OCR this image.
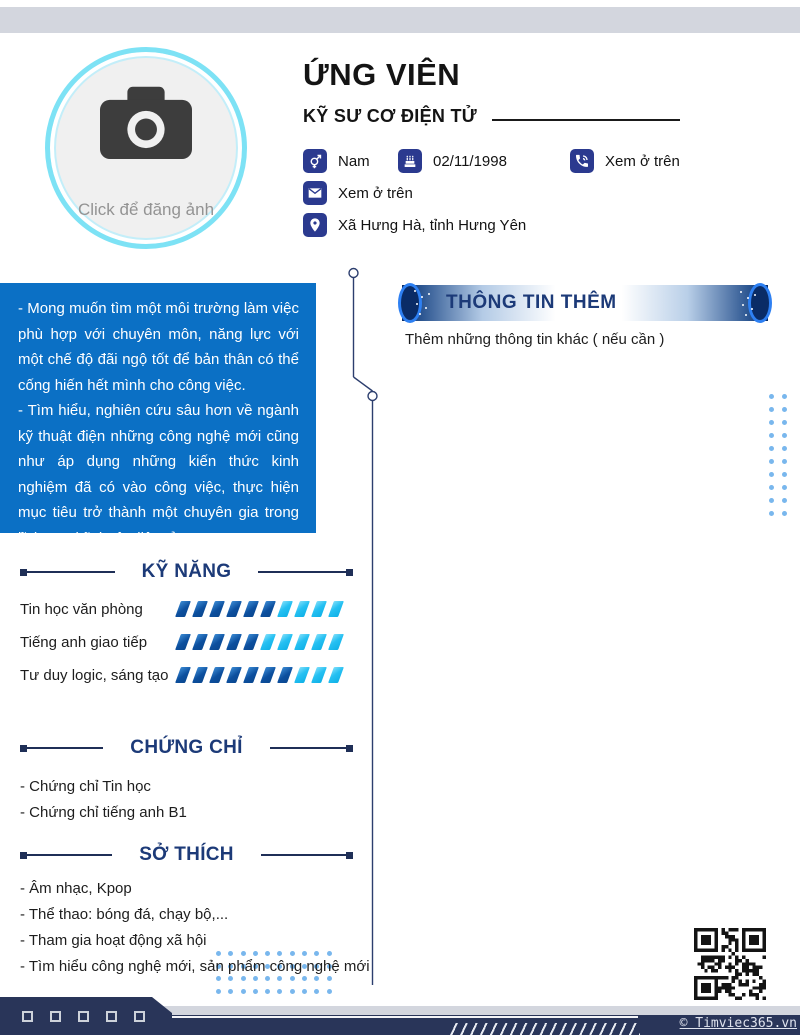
Click để đăng ảnh
ỨNG VIÊN
KỸ SƯ CƠ ĐIỆN TỬ
Nam	02/11/1998	Xem ở trên
Xem ở trên
Xã Hưng Hà, tỉnh Hưng Yên
- Mong muốn tìm một môi trường làm việc phù hợp với chuyên môn, năng lực với một chế độ đãi ngộ tốt để bản thân có thể cống hiến hết mình cho công việc.
- Tìm hiểu, nghiên cứu sâu hơn về ngành kỹ thuật điện những công nghệ mới cũng như áp dụng những kiến thức kinh nghiệm đã có vào công việc, thực hiện mục tiêu trở thành một chuyên gia trong lĩnh vực kỹ thuật điện tử.
THÔNG TIN THÊM
Thêm những thông tin khác ( nếu cần )
KỸ NĂNG
Tin học văn phòng
Tiếng anh giao tiếp
Tư duy logic, sáng tạo
CHỨNG CHỈ
- Chứng chỉ Tin học
- Chứng chỉ tiếng anh B1
SỞ THÍCH
- Âm nhạc, Kpop
- Thể thao: bóng đá, chạy bộ,...
- Tham gia hoạt động xã hội
- Tìm hiểu công nghệ mới, sản phẩm công nghệ mới
© Timviec365.vn
